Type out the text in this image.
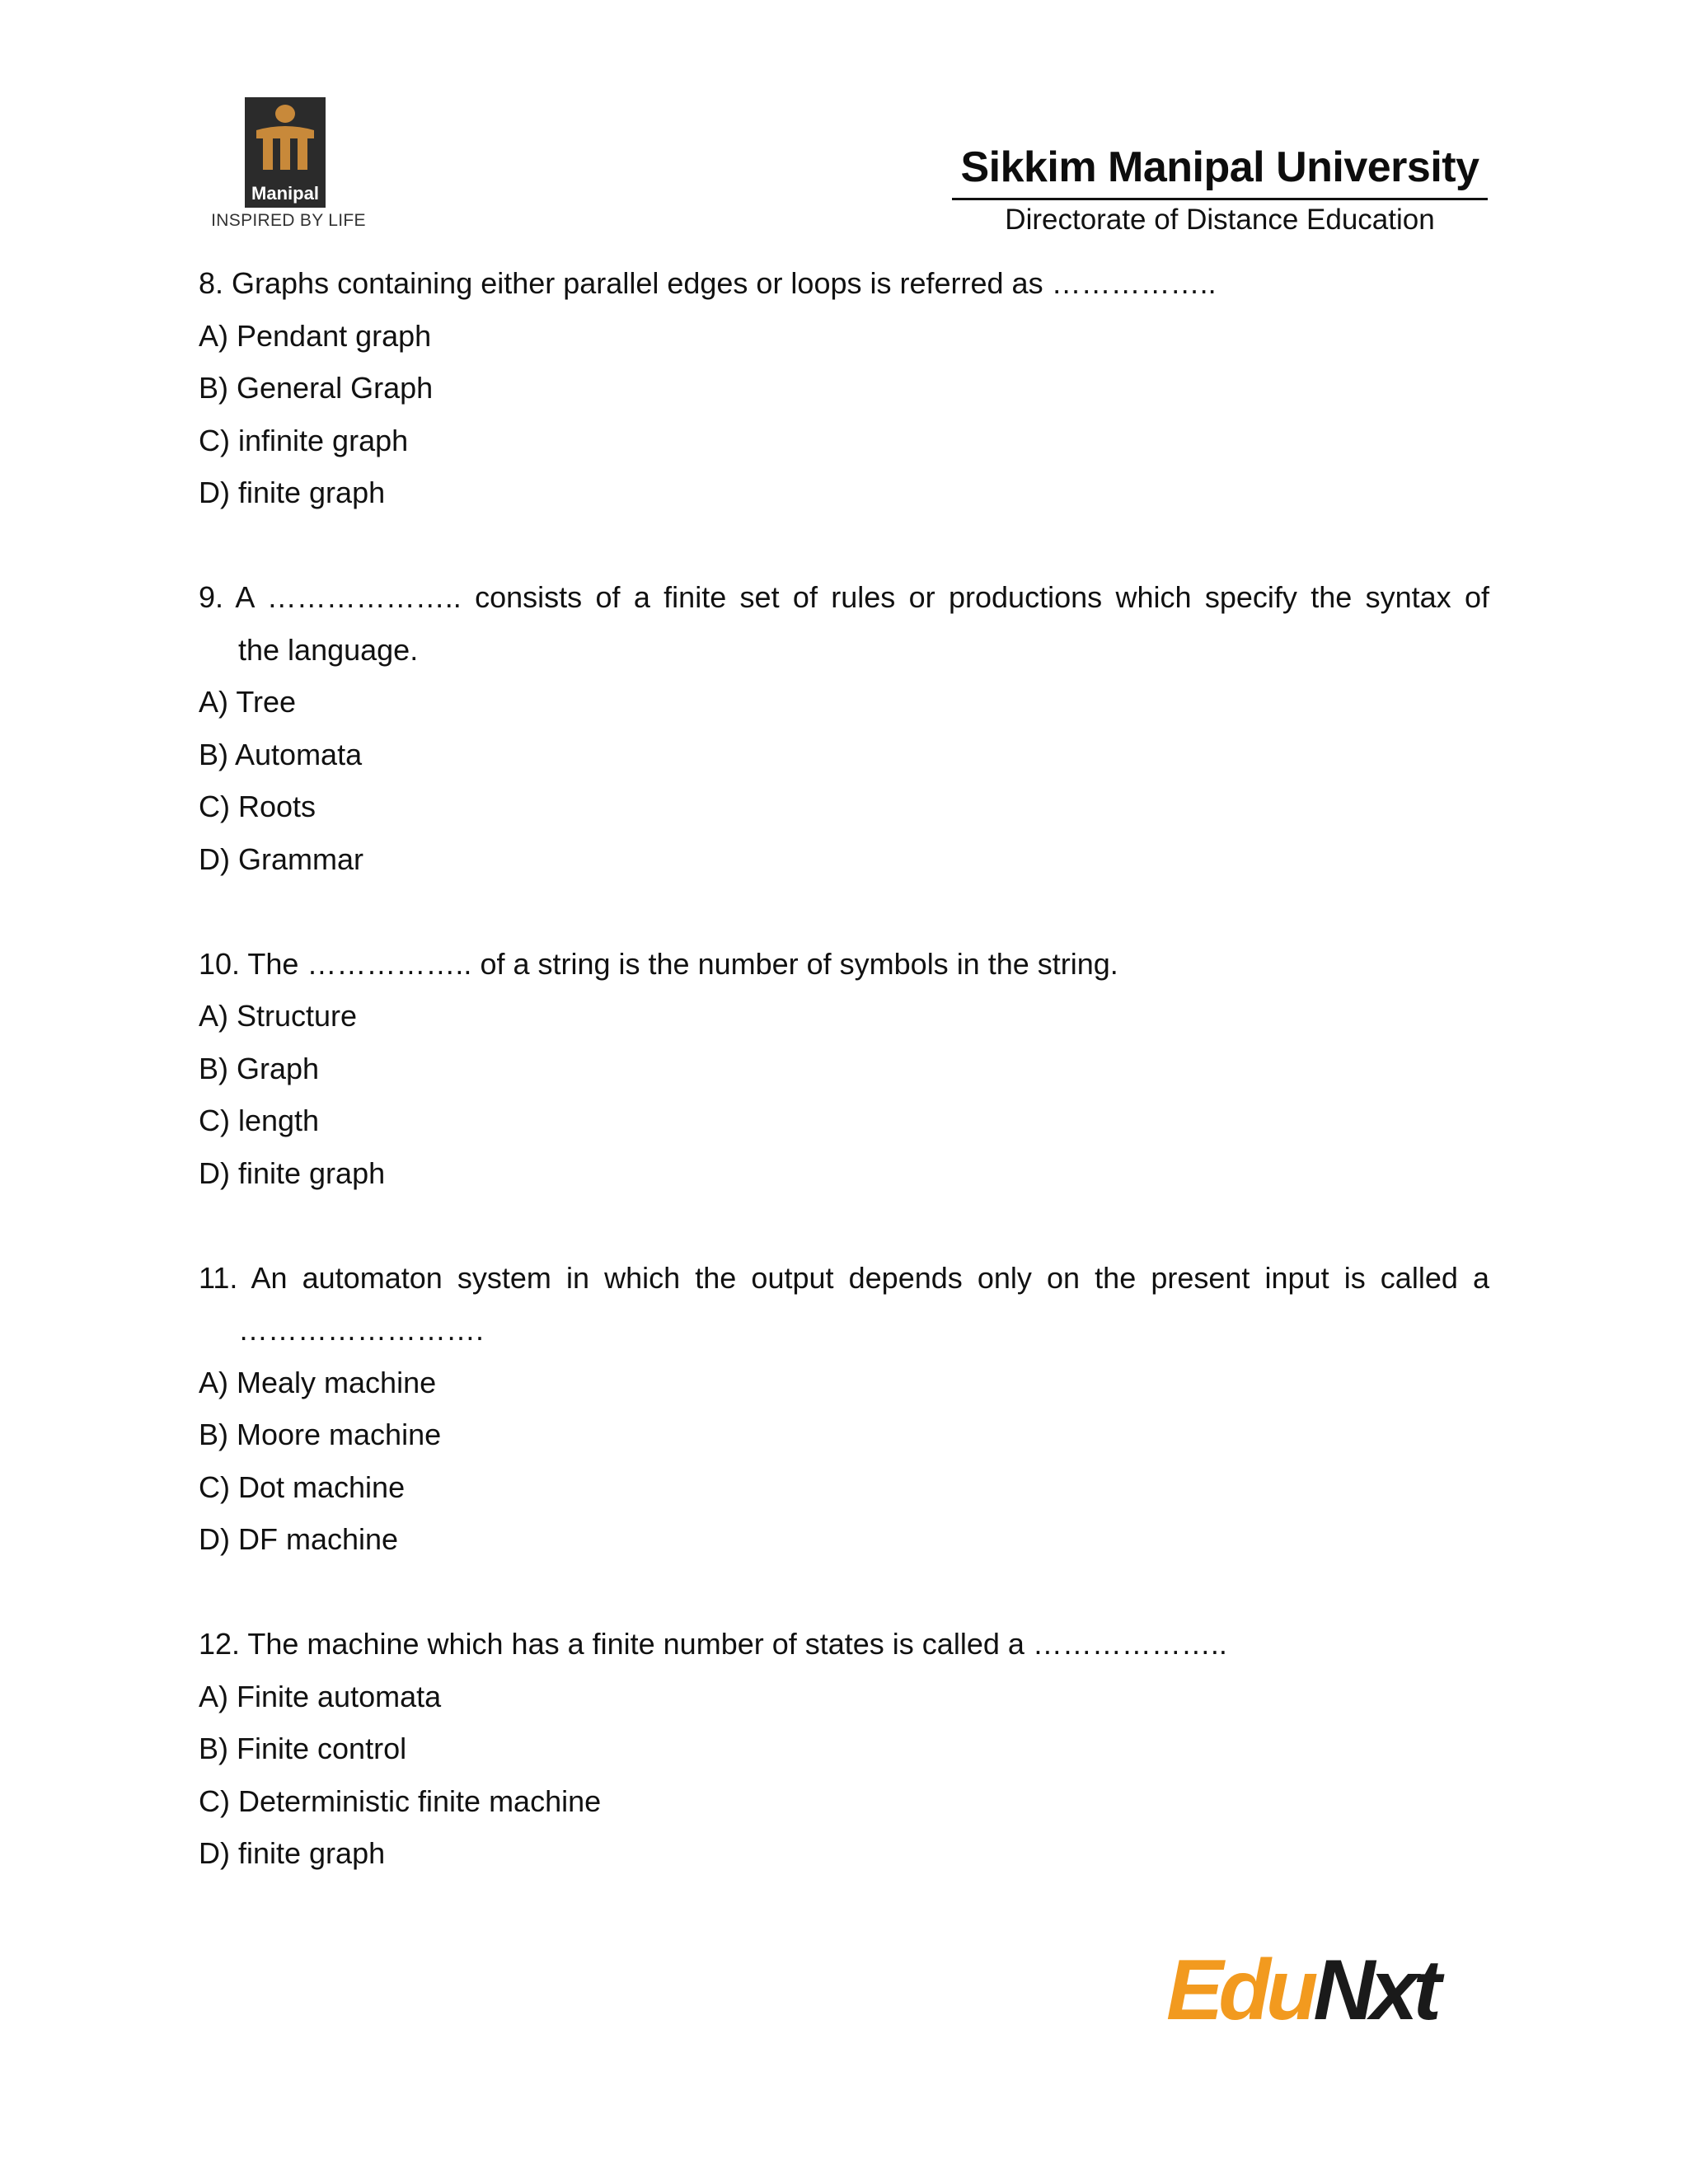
Manipal
INSPIRED BY LIFE
Sikkim Manipal University
Directorate of Distance Education
8. Graphs containing either parallel edges or loops is referred as ……………..
A) Pendant graph
B) General Graph
C) infinite graph
D) finite graph
9. A ……………….. consists of a finite set of rules or productions which specify the syntax of
the language.
A) Tree
B) Automata
C) Roots
D) Grammar
10. The …………….. of a string is the number of symbols in the string.
A) Structure
B) Graph
C) length
D) finite graph
11. An automaton system in which the output depends only on the present input is called a
…………………….
A) Mealy machine
B) Moore machine
C) Dot machine
D) DF machine
12. The machine which has a finite number of states is called a ………………..
A) Finite automata
B) Finite control
C) Deterministic finite machine
D) finite graph
EduNxt
